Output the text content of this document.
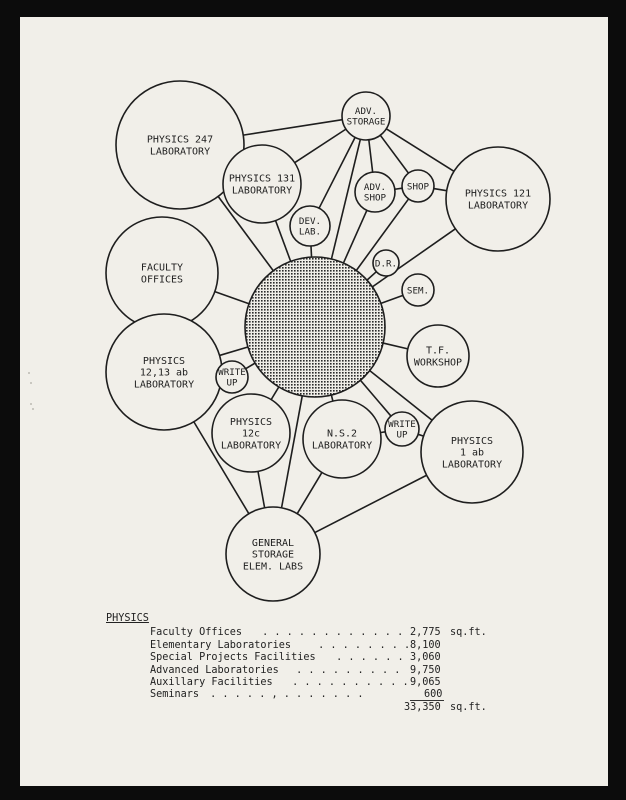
PHYSICS 247
LABORATORY
ADV.
STORAGE
PHYSICS 131
LABORATORY	ADV.
SHOP
SHOP
PHYSICS 121
LABORATORY
DEV.
LAB.
D.R.
FACULTY
OFFICES
SEM.
T.F.
WORKSHOP
PHYSICS
12,13 ab
LABORATORY
WRITE
UP
PHYSICS
12c
LABORATORY
N.S.2
LABORATORY
WRITE
UP
PHYSICS
1 ab
LABORATORY
GENERAL
STORAGE
ELEM. LABS
PHYSICS
Faculty Offices . . . . . . . . . . . . 2,775 sq.ft.
Elementary Laboratories . . . . . . . . 8,100
Special Projects Facilities . . . . . . 3,060
Advanced Laboratories . . . . . . . . . 9,750
Auxillary Facilities . . . . . . . . . . 9,065
Seminars . . . . . , . . . . . . .	600
33,350 sq.ft.
